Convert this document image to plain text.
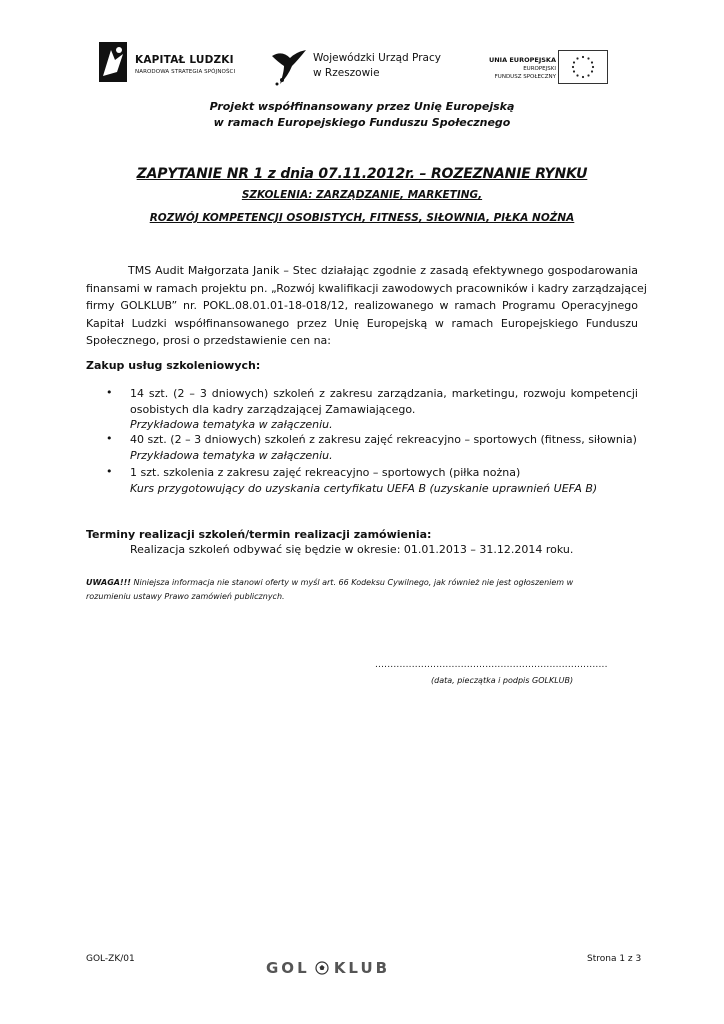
KAPITAŁ LUDZKI
NARODOWA STRATEGIA SPÓJNOŚCI
Wojewódzki Urząd Pracy
w Rzeszowie
UNIA EUROPEJSKA
EUROPEJSKI
FUNDUSZ SPOŁECZNY
Projekt współfinansowany przez Unię Europejską
w ramach Europejskiego Funduszu Społecznego
ZAPYTANIE NR 1 z dnia 07.11.2012r. – ROZEZNANIE RYNKU
SZKOLENIA: ZARZĄDZANIE, MARKETING,
ROZWÓJ KOMPETENCJI OSOBISTYCH, FITNESS, SIŁOWNIA, PIŁKA NOŻNA
TMS Audit Małgorzata Janik – Stec działając zgodnie z zasadą efektywnego gospodarowania
finansami w ramach projektu pn. „Rozwój kwalifikacji zawodowych pracowników i kadry zarządzającej
firmy GOLKLUB” nr. POKL.08.01.01-18-018/12, realizowanego w ramach Programu Operacyjnego
Kapitał Ludzki współfinansowanego przez Unię Europejską w ramach Europejskiego Funduszu
Społecznego, prosi o przedstawienie cen na:
Zakup usług szkoleniowych:
• 14 szt. (2 – 3 dniowych) szkoleń z zakresu zarządzania, marketingu, rozwoju kompetencji
osobistych dla kadry zarządzającej Zamawiającego.
Przykładowa tematyka w załączeniu.
• 40 szt. (2 – 3 dniowych) szkoleń z zakresu zajęć rekreacyjno – sportowych (fitness, siłownia)
Przykładowa tematyka w załączeniu.
• 1 szt. szkolenia z zakresu zajęć rekreacyjno – sportowych (piłka nożna)
Kurs przygotowujący do uzyskania certyfikatu UEFA B (uzyskanie uprawnień UEFA B)
Terminy realizacji szkoleń/termin realizacji zamówienia:
Realizacja szkoleń odbywać się będzie w okresie: 01.01.2013 – 31.12.2014 roku.
UWAGA!!! Niniejsza informacja nie stanowi oferty w myśl art. 66 Kodeksu Cywilnego, jak również nie jest ogłoszeniem w
rozumieniu ustawy Prawo zamówień publicznych.
............................................................................
(data, pieczątka i podpis GOLKLUB)
GOL-ZK/01	GOL KLUB	Strona 1 z 3
